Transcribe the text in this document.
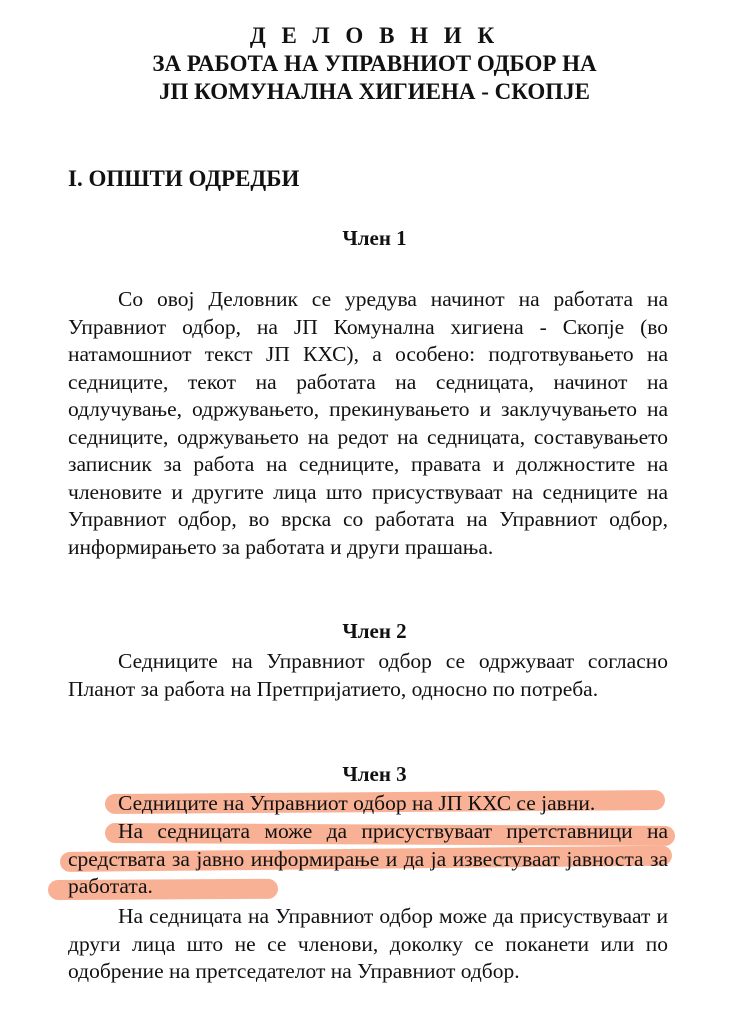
Д Е Л О В Н И К
ЗА РАБОТА НА УПРАВНИОТ ОДБОР НА
ЈП КОМУНАЛНА ХИГИЕНА - СКОПЈЕ
I. ОПШТИ ОДРЕДБИ
Член 1

Со овој Деловник се уредува начинот на работата на Управниот одбор, на ЈП Комунална хигиена - Скопје (во натамошниот текст ЈП КХС), а особено: подготвувањето на седниците, текот на работата на седницата, начинот на одлучување, одржувањето, прекинувањето и заклучувањето на седниците, одржувањето на редот на седницата, составувањето записник за работа на седниците, правата и должностите на членовите и другите лица што присуствуваат на седниците на Управниот одбор, во врска со работата на Управниот одбор, информирањето за работата и други прашања.

Член 2

Седниците на Управниот одбор се одржуваат согласно Планот за работа на Претпријатието, односно по потреба.

Член 3

Седниците на Управниот одбор на ЈП КХС се јавни.

На седницата може да присуствуваат претставници на средствата за јавно информирање и да ја известуваат јавноста за работата.

На седницата на Управниот одбор може да присуствуваат и други лица што не се членови, доколку се поканети или по одобрение на претседателот на Управниот одбор.
